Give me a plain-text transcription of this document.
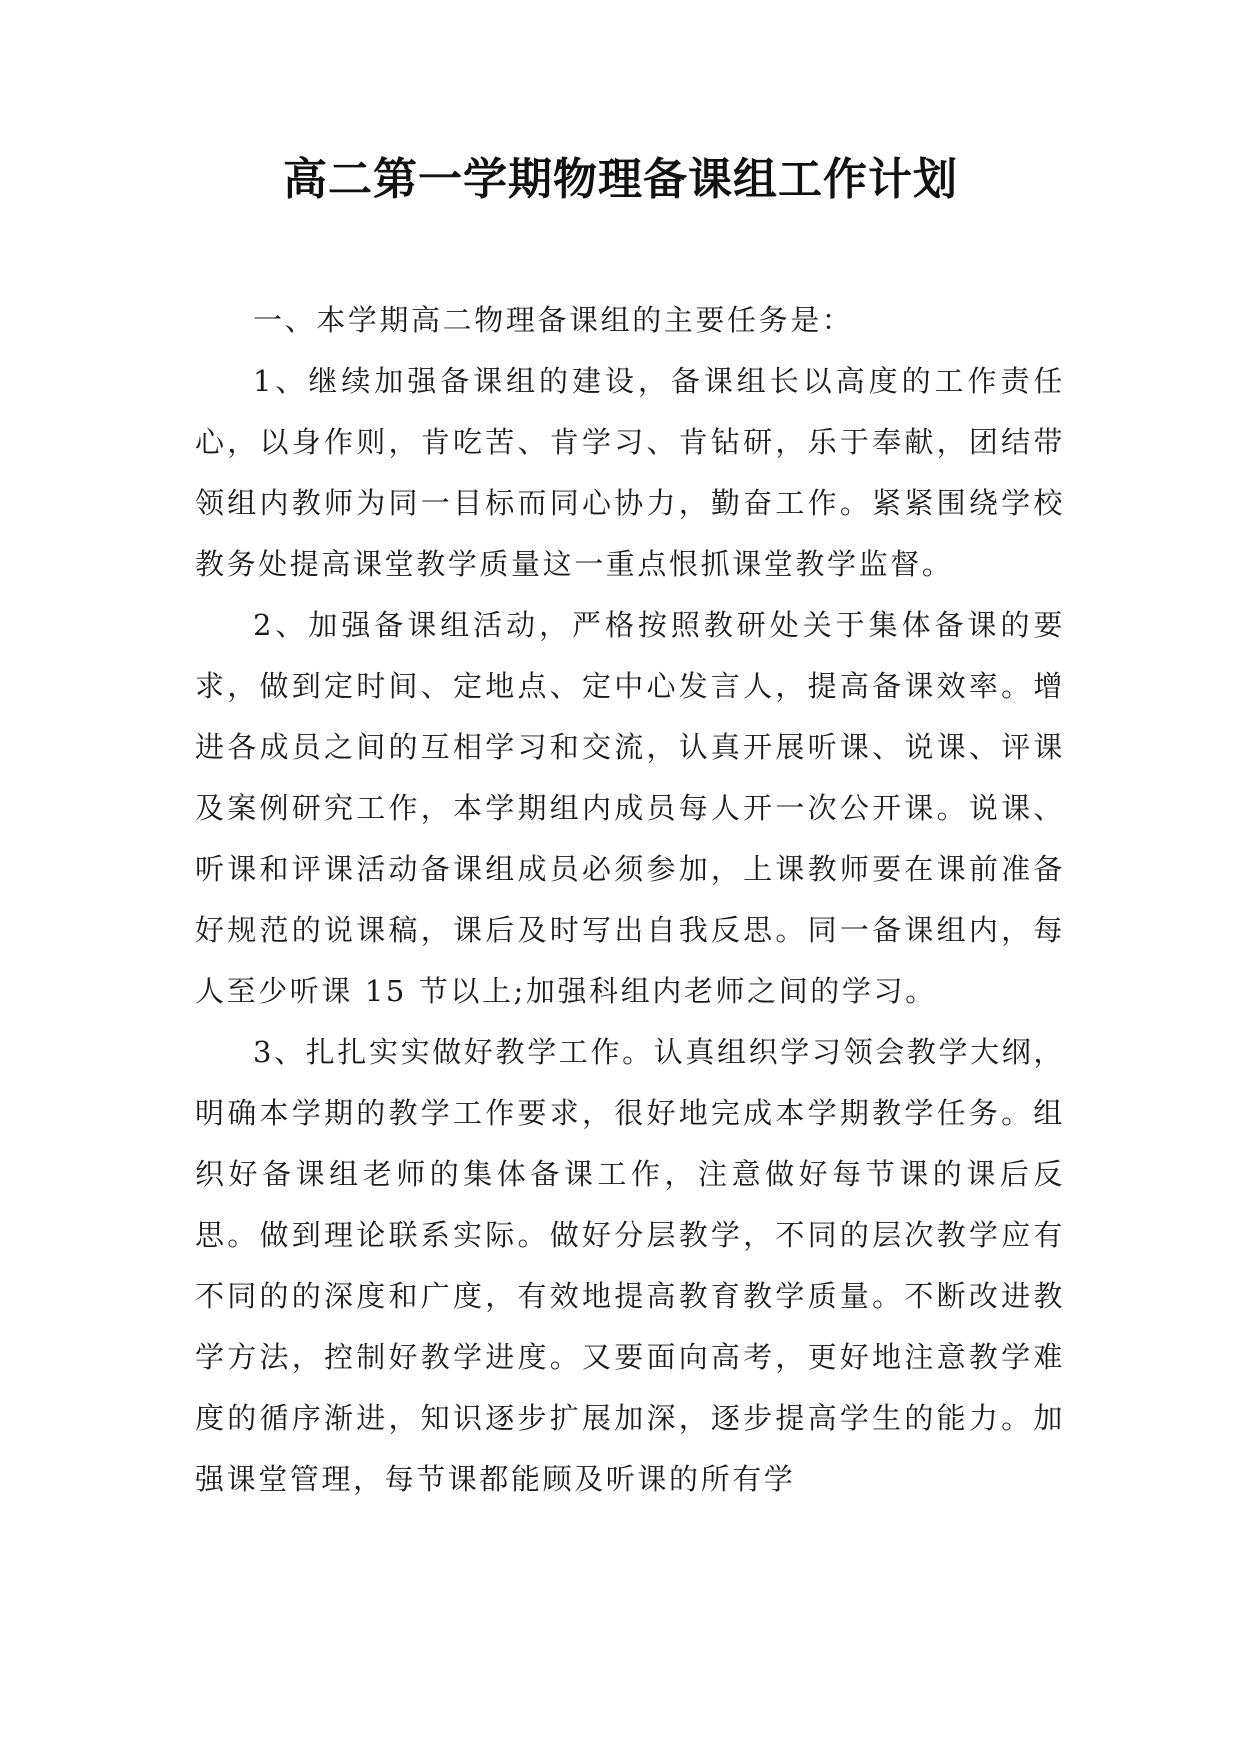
高二第一学期物理备课组工作计划

一、本学期高二物理备课组的主要任务是：

1、继续加强备课组的建设，备课组长以高度的工作责任心，以身作则，肯吃苦、肯学习、肯钻研，乐于奉献，团结带领组内教师为同一目标而同心协力，勤奋工作。紧紧围绕学校教务处提高课堂教学质量这一重点恨抓课堂教学监督。

2、加强备课组活动，严格按照教研处关于集体备课的要求，做到定时间、定地点、定中心发言人，提高备课效率。增进各成员之间的互相学习和交流，认真开展听课、说课、评课及案例研究工作，本学期组内成员每人开一次公开课。说课、听课和评课活动备课组成员必须参加，上课教师要在课前准备好规范的说课稿，课后及时写出自我反思。同一备课组内，每人至少听课 15 节以上;加强科组内老师之间的学习。

3、扎扎实实做好教学工作。认真组织学习领会教学大纲，明确本学期的教学工作要求，很好地完成本学期教学任务。组织好备课组老师的集体备课工作，注意做好每节课的课后反思。做到理论联系实际。做好分层教学，不同的层次教学应有不同的的深度和广度，有效地提高教育教学质量。不断改进教学方法，控制好教学进度。又要面向高考，更好地注意教学难度的循序渐进，知识逐步扩展加深，逐步提高学生的能力。加强课堂管理，每节课都能顾及听课的所有学
